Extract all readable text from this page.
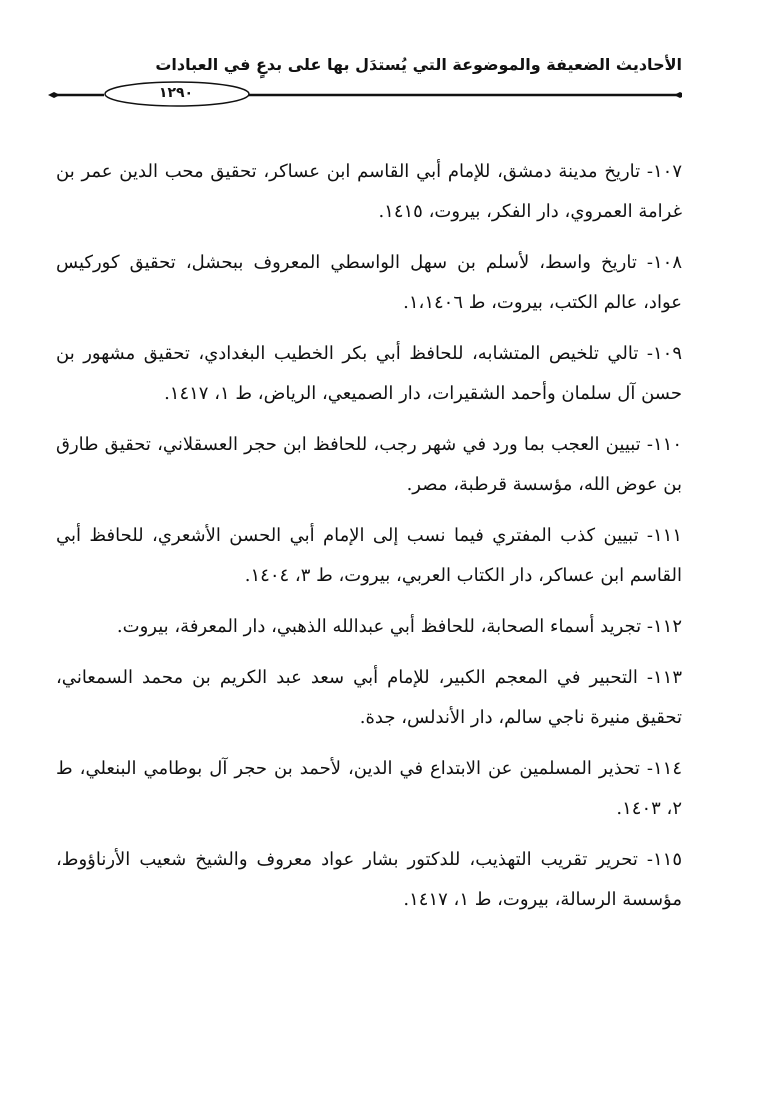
الأحاديث الضعيفة والموضوعة التي يُستدَل بها على بدعٍ في العبادات
١٢٩٠

١٠٧- تاريخ مدينة دمشق، للإمام أبي القاسم ابن عساكر، تحقيق محب الدين عمر بن غرامة العمروي، دار الفكر، بيروت، ١٤١٥.

١٠٨- تاريخ واسط، لأسلم بن سهل الواسطي المعروف ببحشل، تحقيق كوركيس عواد، عالم الكتب، بيروت، ط ١،١٤٠٦.

١٠٩- تالي تلخيص المتشابه، للحافظ أبي بكر الخطيب البغدادي، تحقيق مشهور بن حسن آل سلمان وأحمد الشقيرات، دار الصميعي، الرياض، ط ١، ١٤١٧.

١١٠- تبيين العجب بما ورد في شهر رجب، للحافظ ابن حجر العسقلاني، تحقيق طارق بن عوض الله، مؤسسة قرطبة، مصر.

١١١- تبيين كذب المفتري فيما نسب إلى الإمام أبي الحسن الأشعري، للحافظ أبي القاسم ابن عساكر، دار الكتاب العربي، بيروت، ط ٣، ١٤٠٤.

١١٢- تجريد أسماء الصحابة، للحافظ أبي عبدالله الذهبي، دار المعرفة، بيروت.

١١٣- التحبير في المعجم الكبير، للإمام أبي سعد عبد الكريم بن محمد السمعاني، تحقيق منيرة ناجي سالم، دار الأندلس، جدة.

١١٤- تحذير المسلمين عن الابتداع في الدين، لأحمد بن حجر آل بوطامي البنعلي، ط ٢، ١٤٠٣.

١١٥- تحرير تقريب التهذيب، للدكتور بشار عواد معروف والشيخ شعيب الأرناؤوط، مؤسسة الرسالة، بيروت، ط ١، ١٤١٧.
